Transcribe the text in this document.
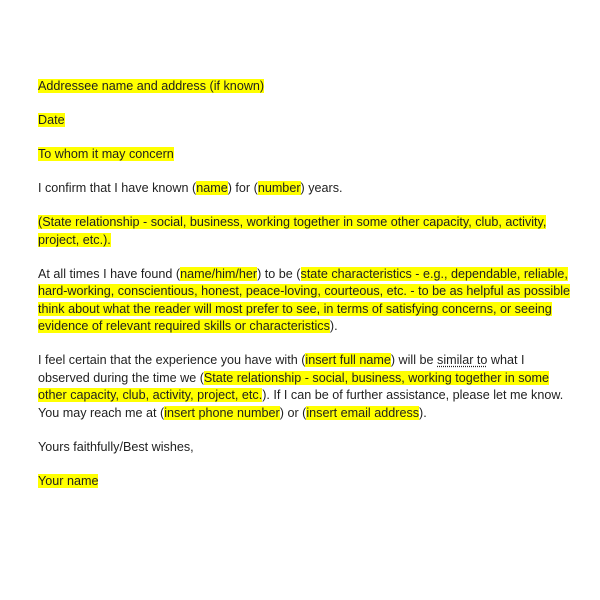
Addressee name and address (if known)

Date

To whom it may concern

I confirm that I have known (name) for (number) years.

(State relationship - social, business, working together in some other capacity, club, activity, project, etc.).

At all times I have found (name/him/her) to be (state characteristics - e.g., dependable, reliable, hard-working, conscientious, honest, peace-loving, courteous, etc. - to be as helpful as possible think about what the reader will most prefer to see, in terms of satisfying concerns, or seeing evidence of relevant required skills or characteristics).

I feel certain that the experience you have with (insert full name) will be similar to what I observed during the time we (State relationship - social, business, working together in some other capacity, club, activity, project, etc.). If I can be of further assistance, please let me know. You may reach me at (insert phone number) or (insert email address).

Yours faithfully/Best wishes,

Your name
